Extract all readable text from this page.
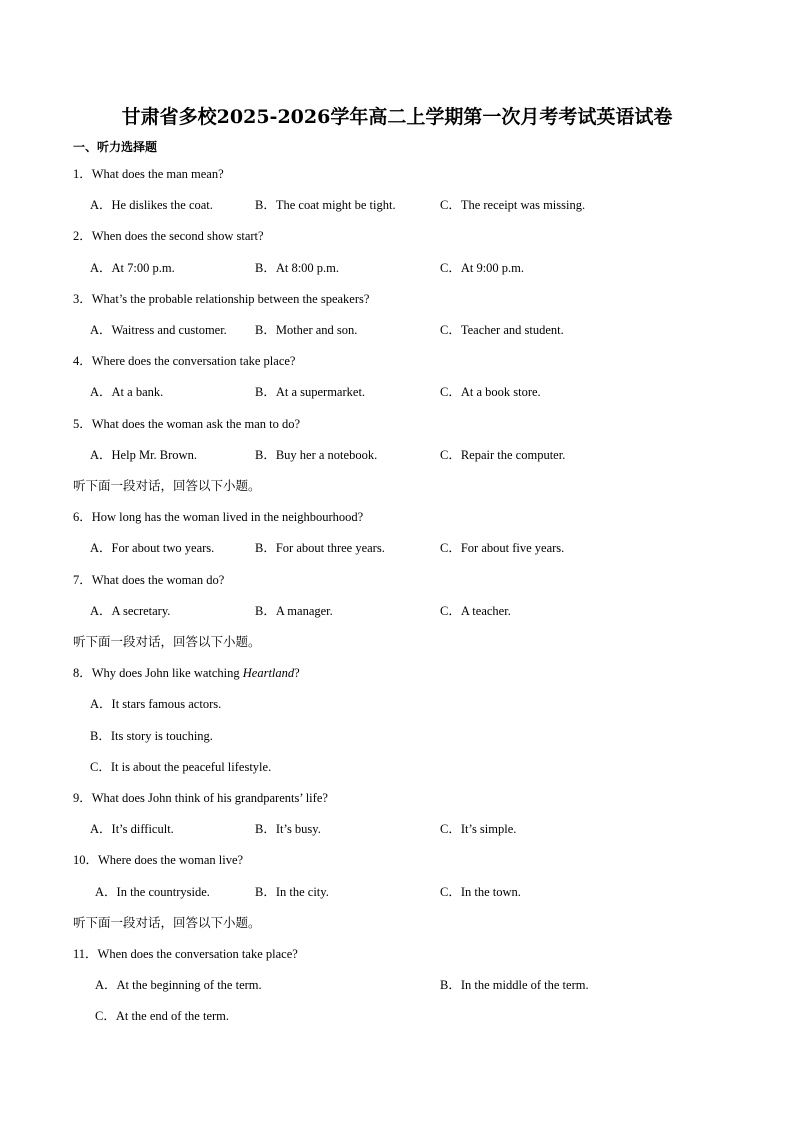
甘肃省多校2025-2026学年高二上学期第一次月考考试英语试卷
一、听力选择题
1．What does the man mean?
A．He dislikes the coat.	B．The coat might be tight.	C．The receipt was missing.
2．When does the second show start?
A．At 7:00 p.m.	B．At 8:00 p.m.	C．At 9:00 p.m.
3．What’s the probable relationship between the speakers?
A．Waitress and customer. B．Mother and son.	C．Teacher and student.
4．Where does the conversation take place?
A．At a bank.	B．At a supermarket.	C．At a book store.
5．What does the woman ask the man to do?
A．Help Mr. Brown.	B．Buy her a notebook.	C．Repair the computer.
听下面一段对话，回答以下小题。
6．How long has the woman lived in the neighbourhood?
A．For about two years.	B．For about three years.	C．For about five years.
7．What does the woman do?
A．A secretary.	B．A manager.	C．A teacher.
听下面一段对话，回答以下小题。
8．Why does John like watching Heartland?
A．It stars famous actors.
B．Its story is touching.
C．It is about the peaceful lifestyle.
9．What does John think of his grandparents’ life?
A．It’s difficult.	B．It’s busy.	C．It’s simple.
10．Where does the woman live?
A．In the countryside.	B．In the city.	C．In the town.
听下面一段对话，回答以下小题。
11．When does the conversation take place?
A．At the beginning of the term.	B．In the middle of the term.
C．At the end of the term.
